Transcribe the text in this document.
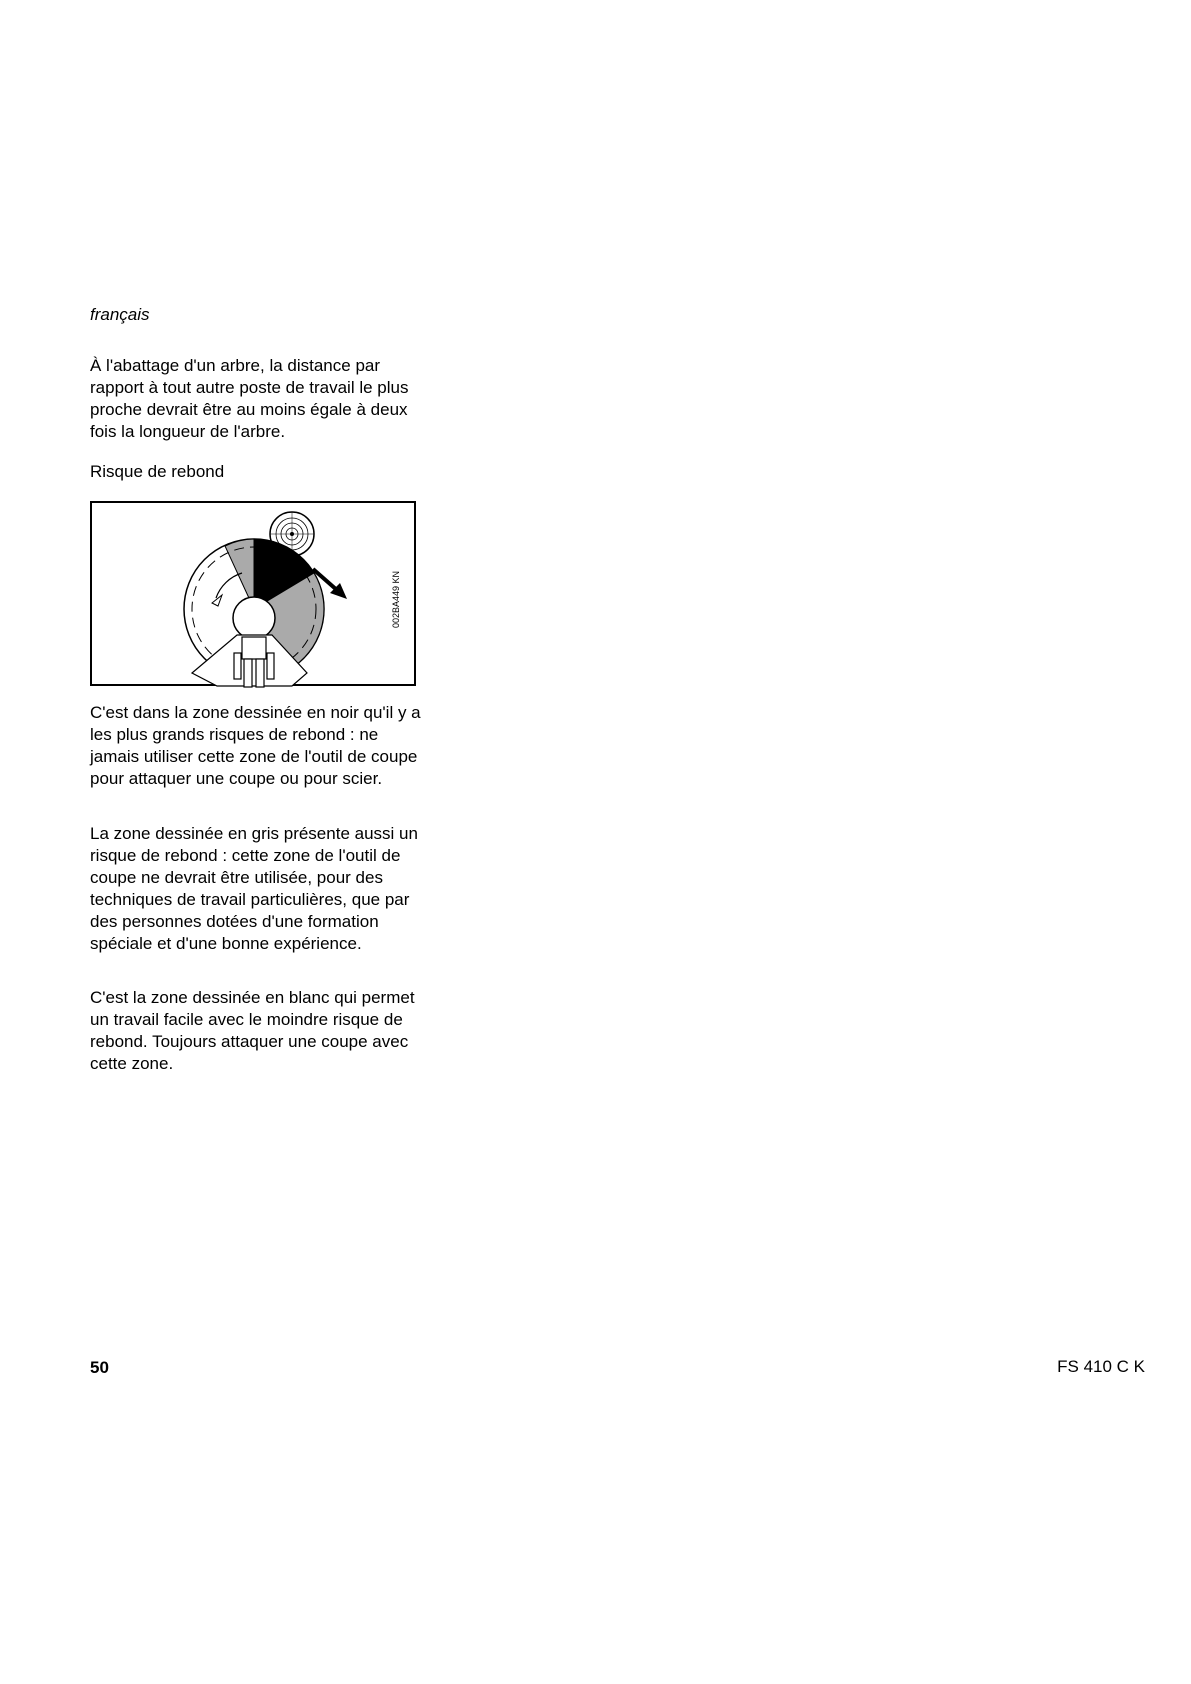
français
À l'abattage d'un arbre, la distance par rapport à tout autre poste de travail le plus proche devrait être au moins égale à deux fois la longueur de l'arbre.
Risque de rebond
002BA449 KN
C'est dans la zone dessinée en noir qu'il y a les plus grands risques de rebond : ne jamais utiliser cette zone de l'outil de coupe pour attaquer une coupe ou pour scier.
La zone dessinée en gris présente aussi un risque de rebond : cette zone de l'outil de coupe ne devrait être utilisée, pour des techniques de travail particulières, que par des personnes dotées d'une formation spéciale et d'une bonne expérience.
C'est la zone dessinée en blanc qui permet un travail facile avec le moindre risque de rebond. Toujours attaquer une coupe avec cette zone.
50	FS 410 C K
